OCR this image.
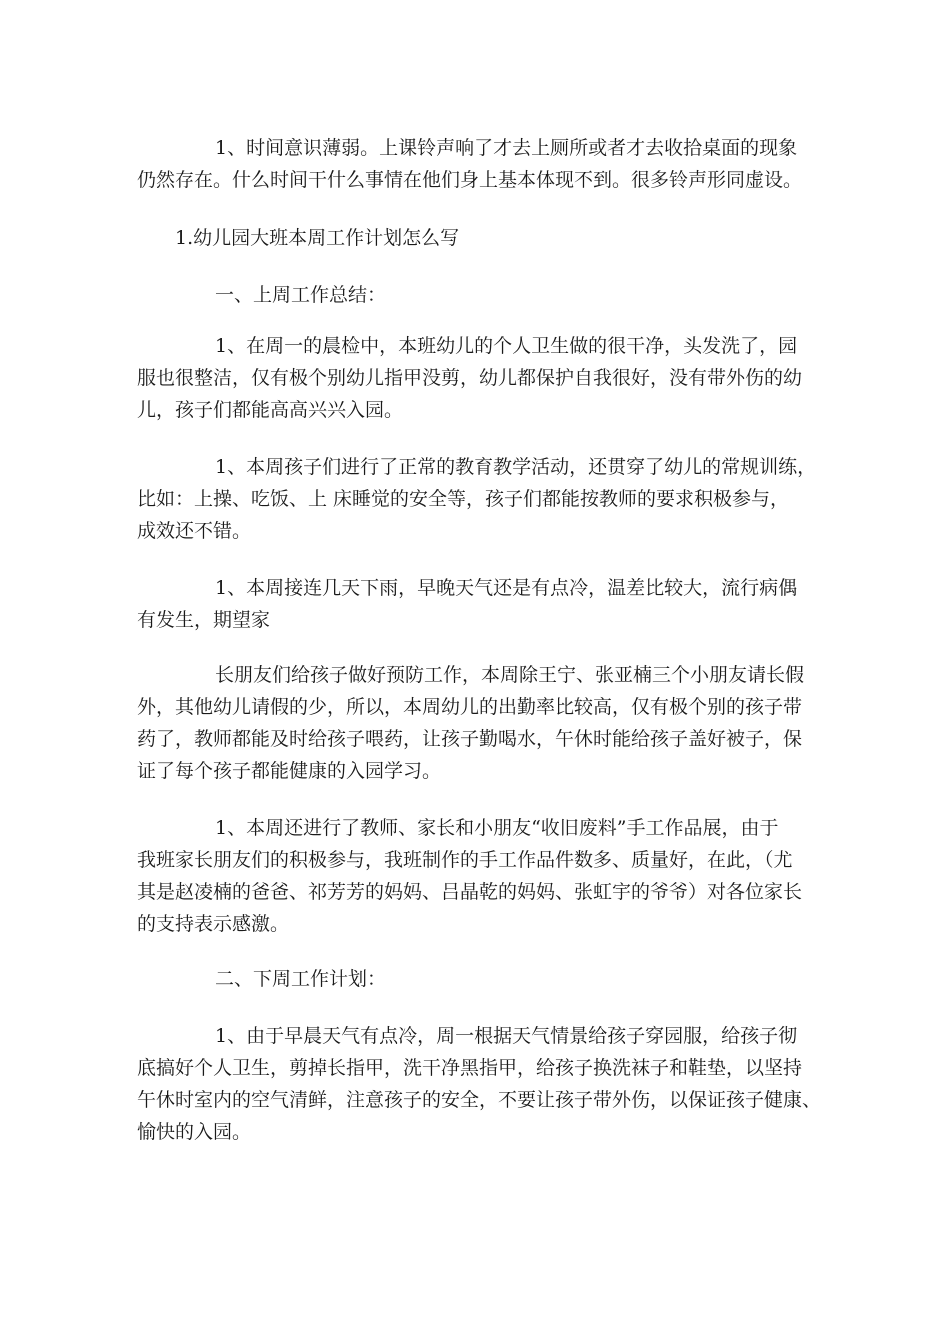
1、时间意识薄弱。上课铃声响了才去上厕所或者才去收拾桌面的现象
仍然存在。什么时间干什么事情在他们身上基本体现不到。很多铃声形同虚设。
1.幼儿园大班本周工作计划怎么写
一、上周工作总结：
1、在周一的晨检中，本班幼儿的个人卫生做的很干净，头发洗了，园
服也很整洁，仅有极个别幼儿指甲没剪，幼儿都保护自我很好，没有带外伤的幼
儿，孩子们都能高高兴兴入园。
1、本周孩子们进行了正常的教育教学活动，还贯穿了幼儿的常规训练，
比如：上操、吃饭、上 床睡觉的安全等，孩子们都能按教师的要求积极参与，
成效还不错。
1、本周接连几天下雨，早晚天气还是有点冷，温差比较大，流行病偶
有发生，期望家
长朋友们给孩子做好预防工作，本周除王宁、张亚楠三个小朋友请长假
外，其他幼儿请假的少，所以，本周幼儿的出勤率比较高，仅有极个别的孩子带
药了，教师都能及时给孩子喂药，让孩子勤喝水，午休时能给孩子盖好被子，保
证了每个孩子都能健康的入园学习。
1、本周还进行了教师、家长和小朋友“收旧废料”手工作品展，由于
我班家长朋友们的积极参与，我班制作的手工作品件数多、质量好，在此，（尤
其是赵凌楠的爸爸、祁芳芳的妈妈、吕晶乾的妈妈、张虹宇的爷爷）对各位家长
的支持表示感激。
二、下周工作计划：
1、由于早晨天气有点冷，周一根据天气情景给孩子穿园服，给孩子彻
底搞好个人卫生，剪掉长指甲，洗干净黑指甲，给孩子换洗袜子和鞋垫，以坚持
午休时室内的空气清鲜，注意孩子的安全，不要让孩子带外伤，以保证孩子健康、
愉快的入园。
